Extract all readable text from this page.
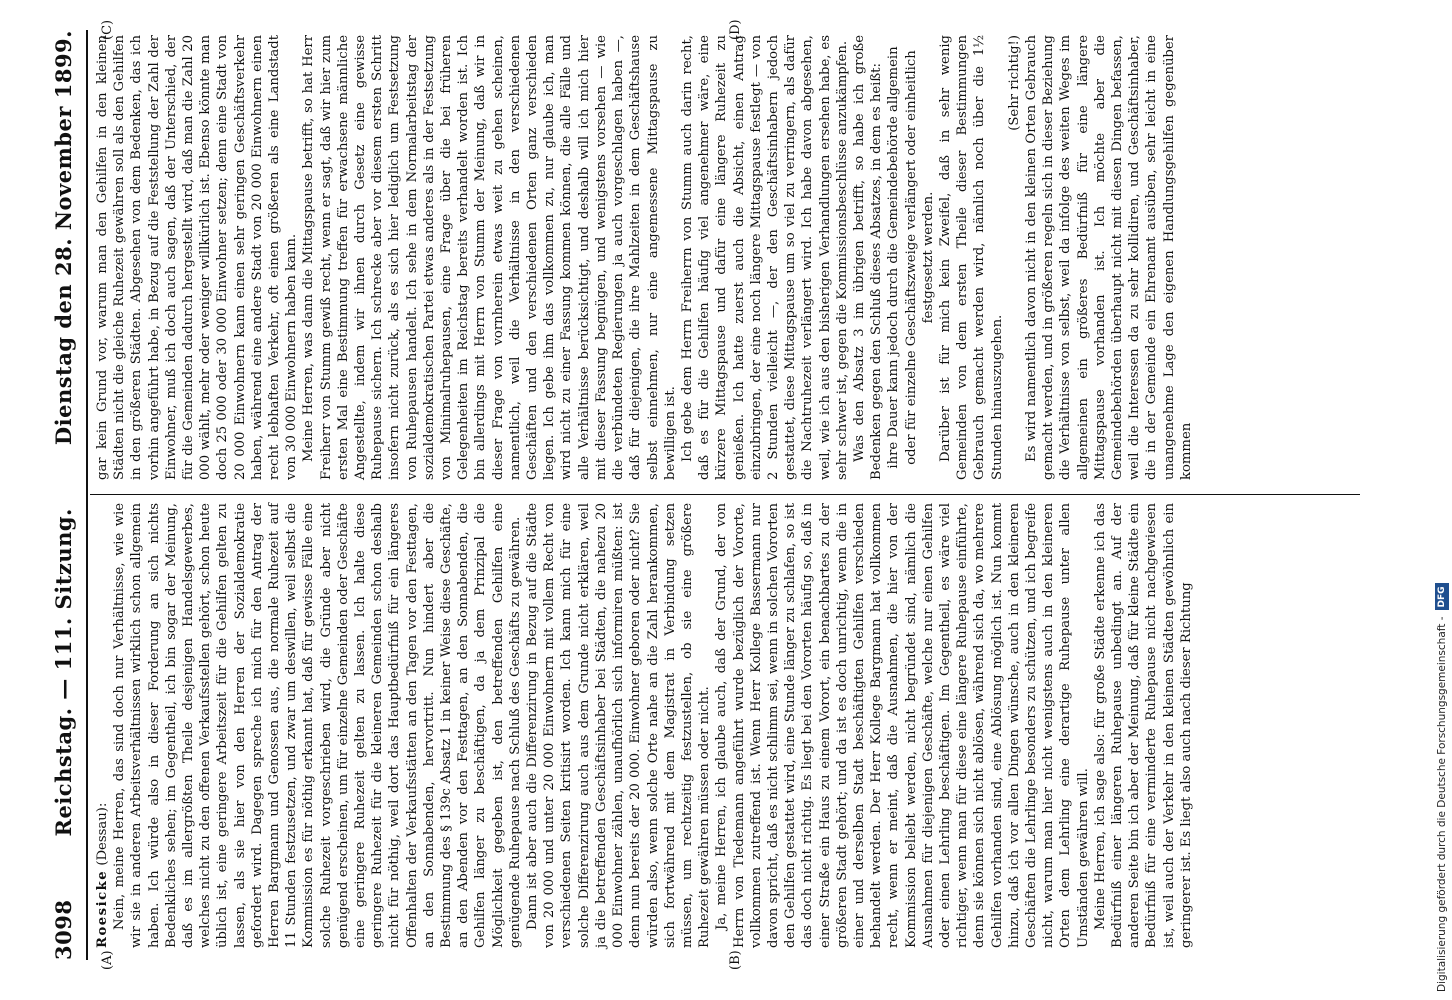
3098
Reichstag. — 111. Sitzung.
Dienstag den 28. November 1899.
(A)	(B)
(C)	(D)

Roesicke (Dessau): Nein, meine Herren, das sind doch nur Verhältnisse, wie wie wir sie in anderen Arbeitsverhältnissen wirklich schon allgemein haben. Ich würde also in dieser Forderung an sich nichts Bedenkliches sehen; im Gegentheil, ich bin sogar der Meinung, daß es im allergrößten Theile desjenigen Handelsgewerbes, welches nicht zu den offenen Verkaufsstellen gehört, schon heute üblich ist, eine geringere Arbeitszeit für die Gehilfen gelten zu lassen, als sie hier von den Herren der Sozialdemokratie gefordert wird. Dagegen spreche ich mich für den Antrag der Herren Bargmann und Genossen aus, die normale Ruhezeit auf 11 Stunden festzusetzen, und zwar um deswillen, weil selbst die Kommission es für nöthig erkannt hat, daß für gewisse Fälle eine solche Ruhezeit vorgeschrieben wird, die Gründe aber nicht genügend erscheinen, um für einzelne Gemeinden oder Geschäfte eine geringere Ruhezeit gelten zu lassen. Ich halte diese geringere Ruhezeit für die kleineren Gemeinden schon deshalb nicht für nöthig, weil dort das Hauptbedürfniß für ein längeres Offenhalten der Verkaufsstätten an den Tagen vor den Festtagen, an den Sonnabenden, hervortritt. Nun hindert aber die Bestimmung des § 139c Absatz 1 in keiner Weise diese Geschäfte, an den Abenden vor den Festtagen, an den Sonnabenden, die Gehilfen länger zu beschäftigen, da ja dem Prinzipal die Möglichkeit gegeben ist, den betreffenden Gehilfen eine genügende Ruhepause nach Schluß des Geschäfts zu gewähren. Dann ist aber auch die Differenzirung in Bezug auf die Städte von 20 000 und unter 20 000 Einwohnern mit vollem Recht von verschiedenen Seiten kritisirt worden. Ich kann mich für eine solche Differenzirung auch aus dem Grunde nicht erklären, weil ja die betreffenden Geschäftsinhaber bei Städten, die nahezu 20 000 Einwohner zählen, unaufhörlich sich informiren müßten: ist denn nun bereits der 20 000. Einwohner geboren oder nicht? Sie würden also, wenn solche Orte nahe an die Zahl herankommen, sich fortwährend mit dem Magistrat in Verbindung setzen müssen, um rechtzeitig festzustellen, ob sie eine größere Ruhezeit gewähren müssen oder nicht. Ja, meine Herren, ich glaube auch, daß der Grund, der von Herrn von Tiedemann angeführt wurde bezüglich der Vororte, vollkommen zutreffend ist. Wenn Herr Kollege Bassermann nur davon spricht, daß es nicht schlimm sei, wenn in solchen Vororten den Gehilfen gestattet wird, eine Stunde länger zu schlafen, so ist das doch nicht richtig. Es liegt bei den Vororten häufig so, daß in einer Straße ein Haus zu einem Vorort, ein benachbartes zu der größeren Stadt gehört; und da ist es doch unrichtig, wenn die in einer und derselben Stadt beschäftigten Gehilfen verschieden behandelt werden. Der Herr Kollege Bargmann hat vollkommen recht, wenn er meint, daß die Ausnahmen, die hier von der Kommission beliebt werden, nicht begründet sind, nämlich die Ausnahmen für diejenigen Geschäfte, welche nur einen Gehilfen oder einen Lehrling beschäftigen. Im Gegentheil, es wäre viel richtiger, wenn man für diese eine längere Ruhepause einführte, denn sie können sich nicht ablösen, während sich da, wo mehrere Gehilfen vorhanden sind, eine Ablösung möglich ist. Nun kommt hinzu, daß ich vor allen Dingen wünsche, auch in den kleineren Geschäften die Lehrlinge besonders zu schützen, und ich begreife nicht, warum man hier nicht wenigstens auch in den kleineren Orten dem Lehrling eine derartige Ruhepause unter allen Umständen gewähren will. Meine Herren, ich sage also: für große Städte erkenne ich das Bedürfniß einer längeren Ruhepause unbedingt an. Auf der anderen Seite bin ich aber der Meinung, daß für kleine Städte ein Bedürfniß für eine verminderte Ruhepause nicht nachgewiesen ist, weil auch der Verkehr in den kleinen Städten gewöhnlich ein geringerer ist. Es liegt also auch nach dieser Richtung

gar kein Grund vor, warum man den Gehilfen in den kleinen Städten nicht die gleiche Ruhezeit gewähren soll als den Gehilfen in den größeren Städten. Abgesehen von dem Bedenken, das ich vorhin angeführt habe, in Bezug auf die Feststellung der Zahl der Einwohner, muß ich doch auch sagen, daß der Unterschied, der für die Gemeinden dadurch hergestellt wird, daß man die Zahl 20 000 wählt, mehr oder weniger willkürlich ist. Ebenso könnte man doch 25 000 oder 30 000 Einwohner setzen; denn eine Stadt von 20 000 Einwohnern kann einen sehr geringen Geschäftsverkehr haben, während eine andere Stadt von 20 000 Einwohnern einen recht lebhaften Verkehr, oft einen größeren als eine Landstadt von 30 000 Einwohnern haben kann. Meine Herren, was dann die Mittagspause betrifft, so hat Herr Freiherr von Stumm gewiß recht, wenn er sagt, daß wir hier zum ersten Mal eine Bestimmung treffen für erwachsene männliche Angestellte, indem wir ihnen durch Gesetz eine gewisse Ruhepause sichern. Ich schrecke aber vor diesem ersten Schritt insofern nicht zurück, als es sich hier lediglich um Festsetzung von Ruhepausen handelt. Ich sehe in dem Normalarbeitstag der sozialdemokratischen Partei etwas anderes als in der Festsetzung von Minimalruhepausen, eine Frage über die bei früheren Gelegenheiten im Reichstag bereits verhandelt worden ist. Ich bin allerdings mit Herrn von Stumm der Meinung, daß wir in dieser Frage von vornherein etwas weit zu gehen scheinen, namentlich, weil die Verhältnisse in den verschiedenen Geschäften und den verschiedenen Orten ganz verschieden liegen. Ich gebe ihm das vollkommen zu, nur glaube ich, man wird nicht zu einer Fassung kommen können, die alle Fälle und alle Verhältnisse berücksichtigt, und deshalb will ich mich hier mit dieser Fassung begnügen, und wenigstens vorsehen — wie die verbündeten Regierungen ja auch vorgeschlagen haben —, daß für diejenigen, die ihre Mahlzeiten in dem Geschäftshause selbst einnehmen, nur eine angemessene Mittagspause zu bewilligen ist. Ich gebe dem Herrn Freiherrn von Stumm auch darin recht, daß es für die Gehilfen häufig viel angenehmer wäre, eine kürzere Mittagspause und dafür eine längere Ruhezeit zu genießen. Ich hatte zuerst auch die Absicht, einen Antrag einzubringen, der eine noch längere Mittagspause festlegt — von 2 Stunden vielleicht —, der den Geschäftsinhabern jedoch gestattet, diese Mittagspause um so viel zu verringern, als dafür die Nachtruhezeit verlängert wird. Ich habe davon abgesehen, weil, wie ich aus den bisherigen Verhandlungen ersehen habe, es sehr schwer ist, gegen die Kommissionsbeschlüsse anzukämpfen. Was den Absatz 3 im übrigen betrifft, so habe ich große Bedenken gegen den Schluß dieses Absatzes, in dem es heißt: ihre Dauer kann jedoch durch die Gemeindebehörde allgemein oder für einzelne Geschäftszweige verlängert oder einheitlich festgesetzt werden. Darüber ist für mich kein Zweifel, daß in sehr wenig Gemeinden von dem ersten Theile dieser Bestimmungen Gebrauch gemacht werden wird, nämlich noch über die 1½ Stunden hinauszugehen.

(Sehr richtig!) Es wird namentlich davon nicht in den kleinen Orten Gebrauch gemacht werden, und in größeren regeln sich in dieser Beziehung die Verhältnisse von selbst, weil da infolge des weiten Weges im allgemeinen ein größeres Bedürfniß für eine längere Mittagspause vorhanden ist. Ich möchte aber die Gemeindebehörden überhaupt nicht mit diesen Dingen befassen, weil die Interessen da zu sehr kollidiren, und Geschäftsinhaber, die in der Gemeinde ein Ehrenamt ausüben, sehr leicht in eine unangenehme Lage den eigenen Handlungsgehilfen gegenüber kommen

Digitalisierung gefördert durch die Deutsche Forschungsgemeinschaft -
DFG
